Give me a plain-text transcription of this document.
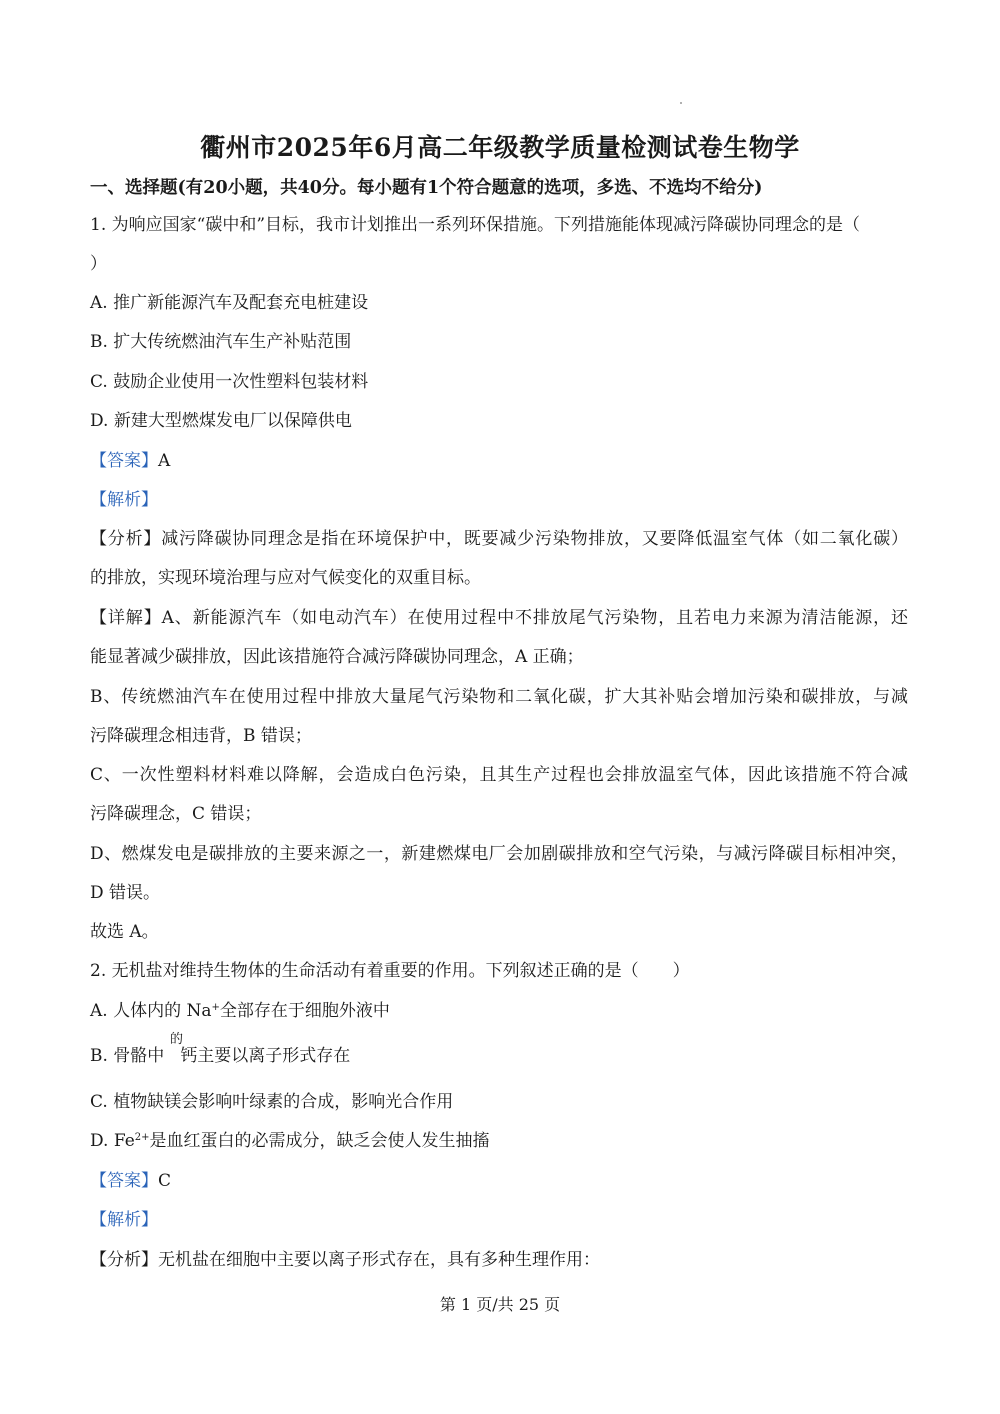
衢州市2025年6月高二年级教学质量检测试卷生物学
一、选择题(有20小题，共40分。每小题有1个符合题意的选项，多选、不选均不给分)
1. 为响应国家“碳中和”目标，我市计划推出一系列环保措施。下列措施能体现减污降碳协同理念的是（
）
A. 推广新能源汽车及配套充电桩建设
B. 扩大传统燃油汽车生产补贴范围
C. 鼓励企业使用一次性塑料包装材料
D. 新建大型燃煤发电厂以保障供电
【答案】A
【解析】
【分析】减污降碳协同理念是指在环境保护中，既要减少污染物排放，又要降低温室气体（如二氧化碳）
的排放，实现环境治理与应对气候变化的双重目标。
【详解】A、新能源汽车（如电动汽车）在使用过程中不排放尾气污染物，且若电力来源为清洁能源，还
能显著减少碳排放，因此该措施符合减污降碳协同理念，A 正确；
B、传统燃油汽车在使用过程中排放大量尾气污染物和二氧化碳，扩大其补贴会增加污染和碳排放，与减
污降碳理念相违背，B 错误；
C、一次性塑料材料难以降解，会造成白色污染，且其生产过程也会排放温室气体，因此该措施不符合减
污降碳理念，C 错误；
D、燃煤发电是碳排放的主要来源之一，新建燃煤电厂会加剧碳排放和空气污染，与减污降碳目标相冲突，
D 错误。
故选 A。
2. 无机盐对维持生物体的生命活动有着重要的作用。下列叙述正确的是（　　）
A. 人体内的 Na+全部存在于细胞外液中
的
B. 骨骼中 钙主要以离子形式存在
C. 植物缺镁会影响叶绿素的合成，影响光合作用
D. $Fe^{2+}$是血红蛋白的必需成分，缺乏会使人发生抽搐
【答案】C
【解析】
【分析】无机盐在细胞中主要以离子形式存在，具有多种生理作用：
第 1 页/共 25 页
